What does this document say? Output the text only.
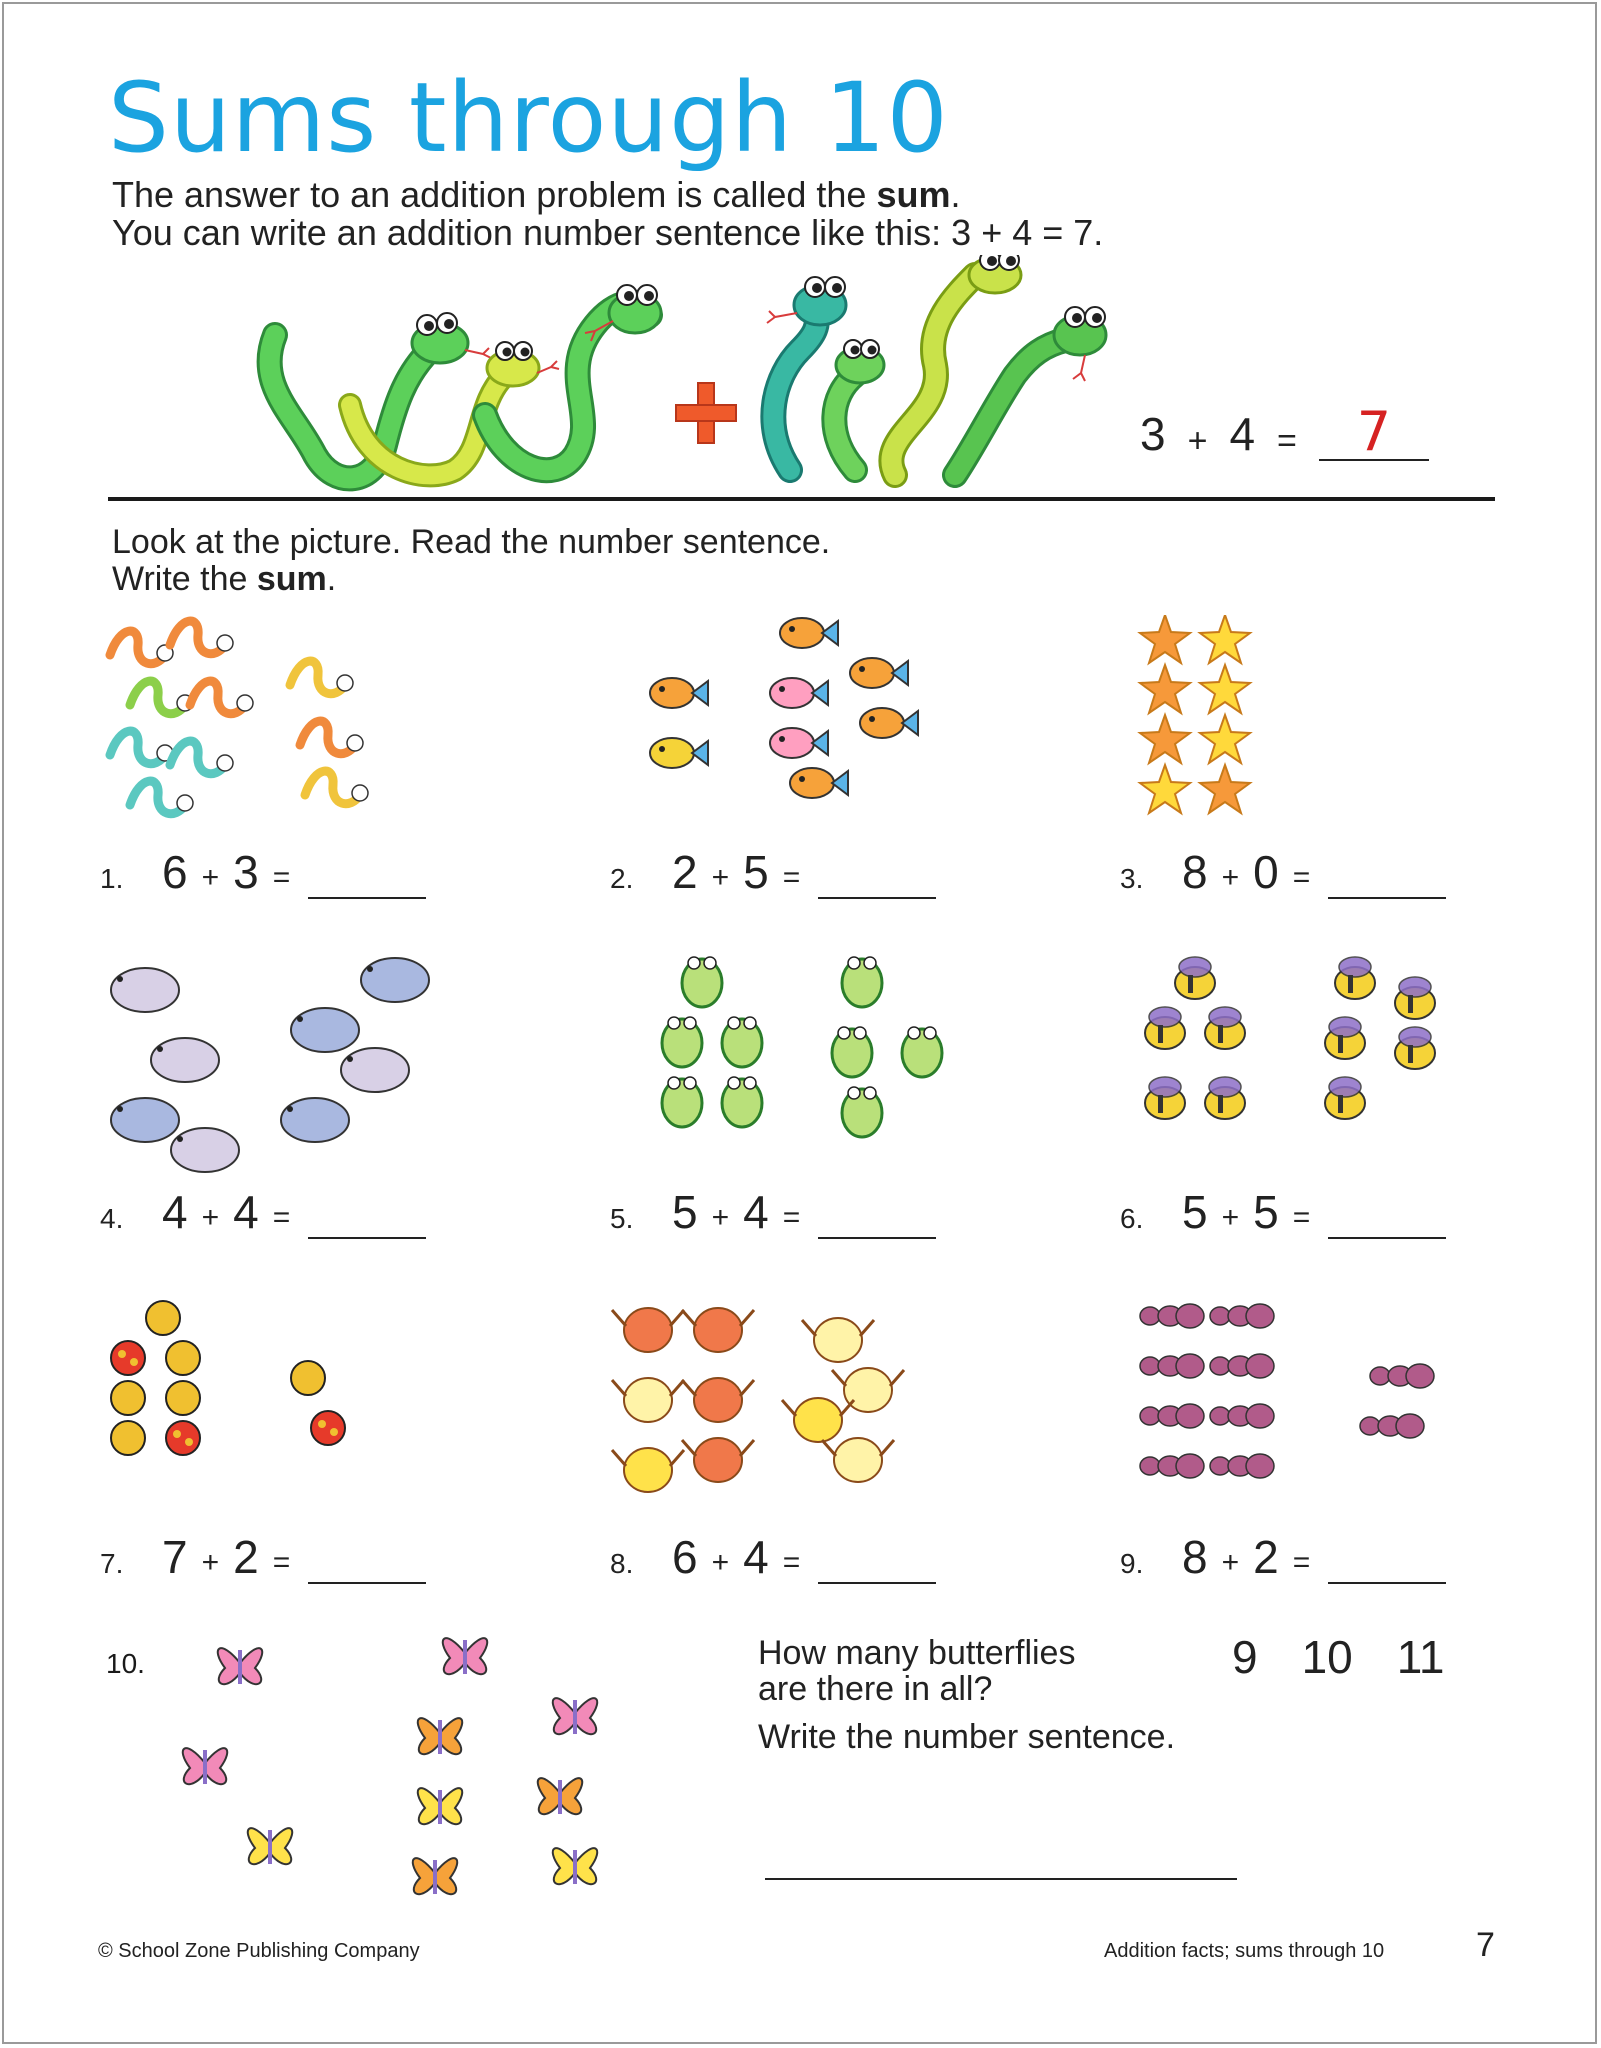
Sums through 10
The answer to an addition problem is called the sum.
You can write an addition number sentence like this: 3 + 4 = 7.
3 + 4 =	7
Look at the picture. Read the number sentence.
Write the sum.
1. 6 + 3 =	2. 2 + 5 =	3. 8 + 0 =
4. 4 + 4 =	5. 5 + 4 =	6. 5 + 5 =
7. 7 + 2 =	8. 6 + 4 =	9. 8 + 2 =
10.	How many butterflies
are there in all?
Write the number sentence.
9 10 11
© School Zone Publishing Company	Addition facts; sums through 10	7
